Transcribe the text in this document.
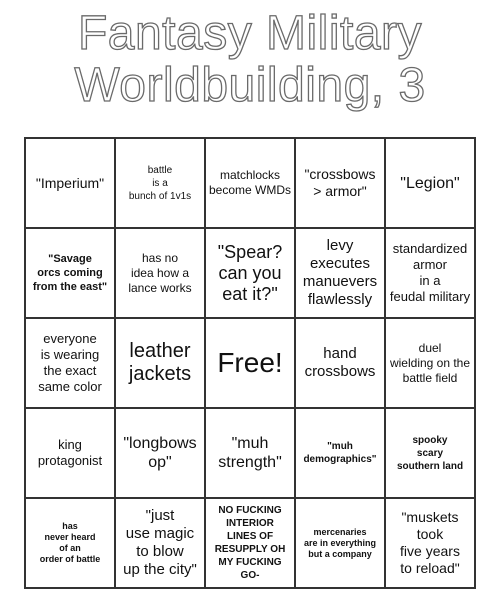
Fantasy Military
Worldbuilding, 3
"Imperium"
battle
is a
bunch of 1v1s
matchlocks
become WMDs
"crossbows
> armor"	"Legion"
"Savage
orcs coming
from the east"
has no
idea how a
lance works
"Spear?
can you
eat it?"
levy
executes
manuevers
flawlessly
standardized
armor
in a
feudal military
everyone
is wearing
the exact
same color
leather
jackets Free!	hand
crossbows
duel
wielding on the
battle field
king
protagonist
"longbows
op"
"muh
strength"
"muh
demographics"
spooky
scary
southern land
has
never heard
of an
order of battle
"just
use magic
to blow
up the city"
NO FUCKING
INTERIOR
LINES OF
RESUPPLY OH
MY FUCKING GO-
mercenaries
are in everything
but a company
"muskets
took
five years
to reload"
